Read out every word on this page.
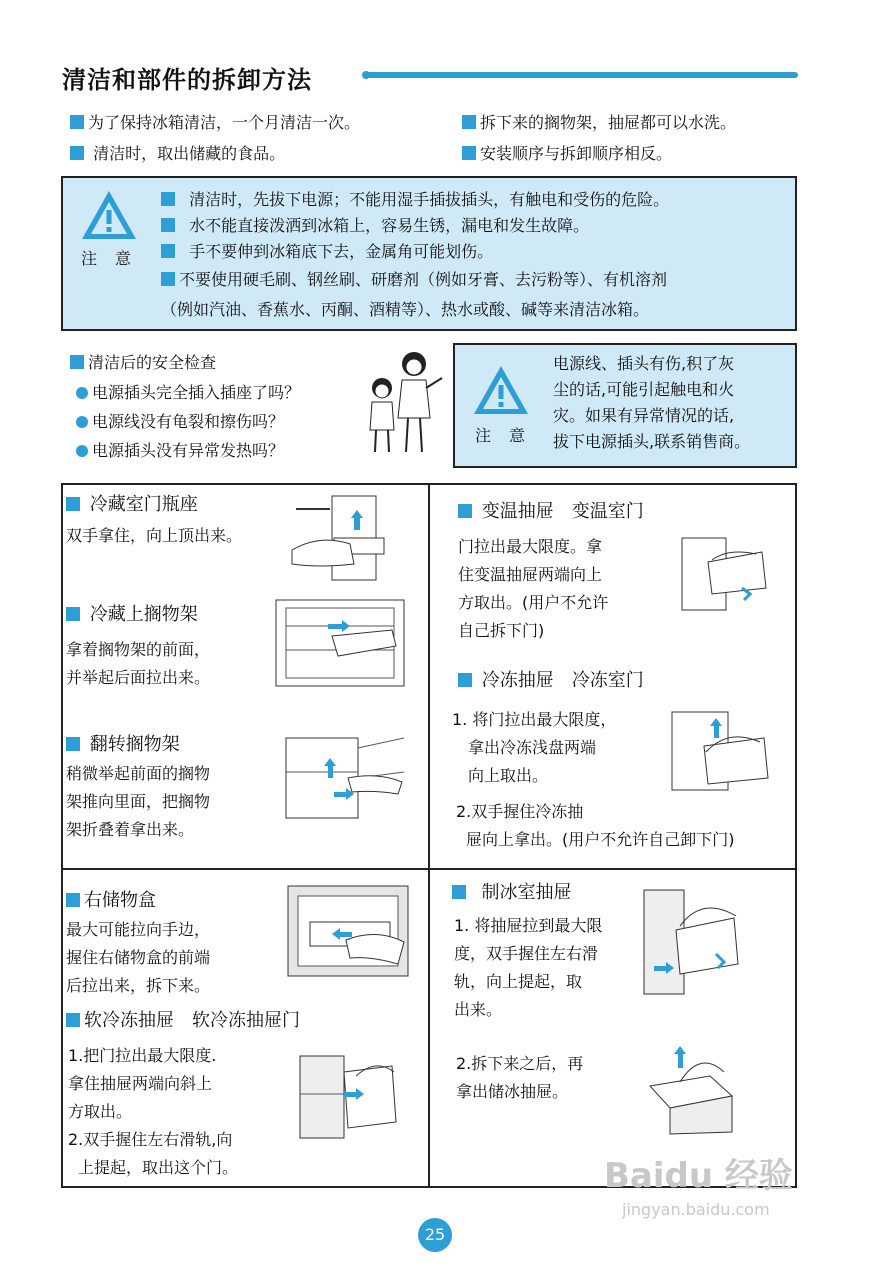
清洁和部件的拆卸方法
为了保持冰箱清洁，一个月清洁一次。
清洁时，取出储藏的食品。
拆下来的搁物架，抽屉都可以水洗。
安装顺序与拆卸顺序相反。
注意
清洁时，先拔下电源；不能用湿手插拔插头，有触电和受伤的危险。
水不能直接泼洒到冰箱上，容易生锈，漏电和发生故障。
手不要伸到冰箱底下去，金属角可能划伤。
不要使用硬毛刷、钢丝刷、研磨剂（例如牙膏、去污粉等）、有机溶剂
（例如汽油、香蕉水、丙酮、酒精等）、热水或酸、碱等来清洁冰箱。
清洁后的安全检查
电源插头完全插入插座了吗？
电源线没有龟裂和擦伤吗？
电源插头没有异常发热吗？
注意
电源线、插头有伤,积了灰
尘的话,可能引起触电和火
灾。如果有异常情况的话,
拔下电源插头,联系销售商。
冷藏室门瓶座
双手拿住，向上顶出来。
冷藏上搁物架
拿着搁物架的前面，
并举起后面拉出来。
翻转搁物架
稍微举起前面的搁物
架推向里面，把搁物
架折叠着拿出来。
变温抽屉　变温室门
门拉出最大限度。拿
住变温抽屉两端向上
方取出。(用户不允许
自己拆下门)
冷冻抽屉　冷冻室门
1. 将门拉出最大限度，
拿出冷冻浅盘两端
向上取出。
2.双手握住冷冻抽
屉向上拿出。(用户不允许自己卸下门)
右储物盒
最大可能拉向手边，
握住右储物盒的前端
后拉出来，拆下来。
软冷冻抽屉　软冷冻抽屉门
1.把门拉出最大限度.
拿住抽屉两端向斜上
方取出。
2.双手握住左右滑轨,向
上提起，取出这个门。
制冰室抽屉
1. 将抽屉拉到最大限
度，双手握住左右滑
轨，向上提起，取
出来。
2.拆下来之后，再
拿出储冰抽屉。
25
Baidu 经验
jingyan.baidu.com
